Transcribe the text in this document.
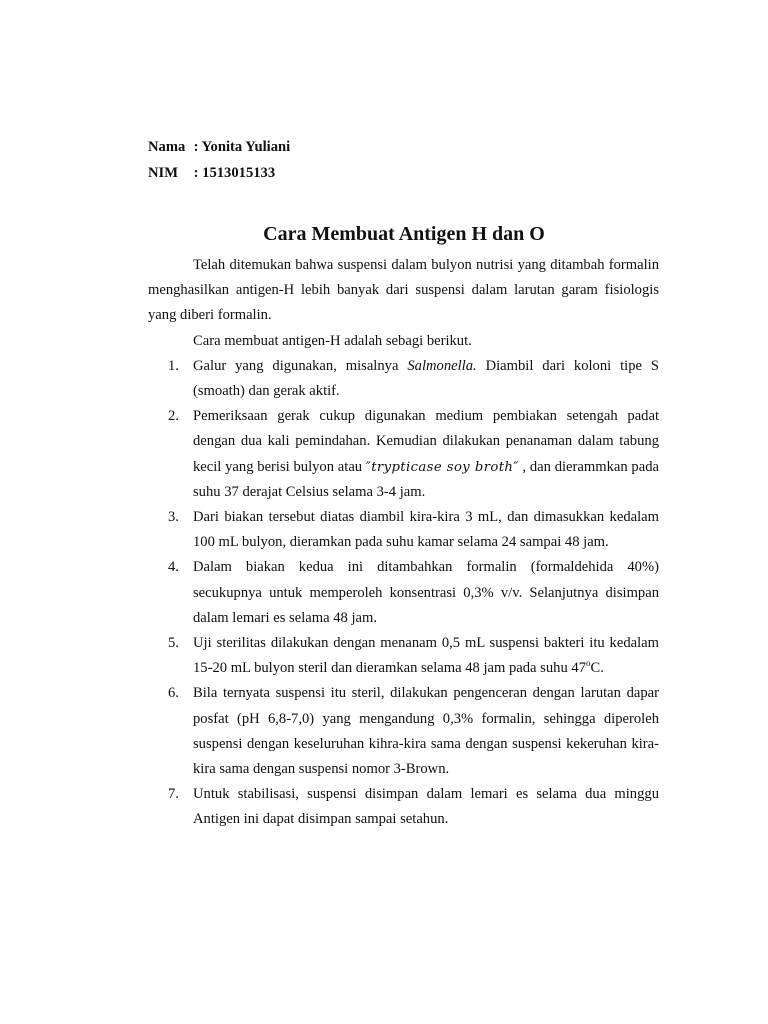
Nama : Yonita Yuliani
NIM : 1513015133
Cara Membuat Antigen H dan O

Telah ditemukan bahwa suspensi dalam bulyon nutrisi yang ditambah formalin menghasilkan antigen-H lebih banyak dari suspensi dalam larutan garam fisiologis yang diberi formalin.

Cara membuat antigen-H adalah sebagi berikut.

1. Galur yang digunakan, misalnya Salmonella. Diambil dari koloni tipe S (smoath) dan gerak aktif.
2. Pemeriksaan gerak cukup digunakan medium pembiakan setengah padat dengan dua kali pemindahan. Kemudian dilakukan penanaman dalam tabung kecil yang berisi bulyon atau ″trypticase soy broth″ , dan dierammkan pada suhu 37 derajat Celsius selama 3-4 jam.
3. Dari biakan tersebut diatas diambil kira-kira 3 mL, dan dimasukkan kedalam 100 mL bulyon, dieramkan pada suhu kamar selama 24 sampai 48 jam.
4. Dalam biakan kedua ini ditambahkan formalin (formaldehida 40%) secukupnya untuk memperoleh konsentrasi 0,3% v/v. Selanjutnya disimpan dalam lemari es selama 48 jam.
5. Uji sterilitas dilakukan dengan menanam 0,5 mL suspensi bakteri itu kedalam 15-20 mL bulyon steril dan dieramkan selama 48 jam pada suhu 47$^o$C.
6. Bila ternyata suspensi itu steril, dilakukan pengenceran dengan larutan dapar posfat (pH 6,8-7,0) yang mengandung 0,3% formalin, sehingga diperoleh suspensi dengan keseluruhan kihra-kira sama dengan suspensi kekeruhan kira-kira sama dengan suspensi nomor 3-Brown.
7. Untuk stabilisasi, suspensi disimpan dalam lemari es selama dua minggu Antigen ini dapat disimpan sampai setahun.
